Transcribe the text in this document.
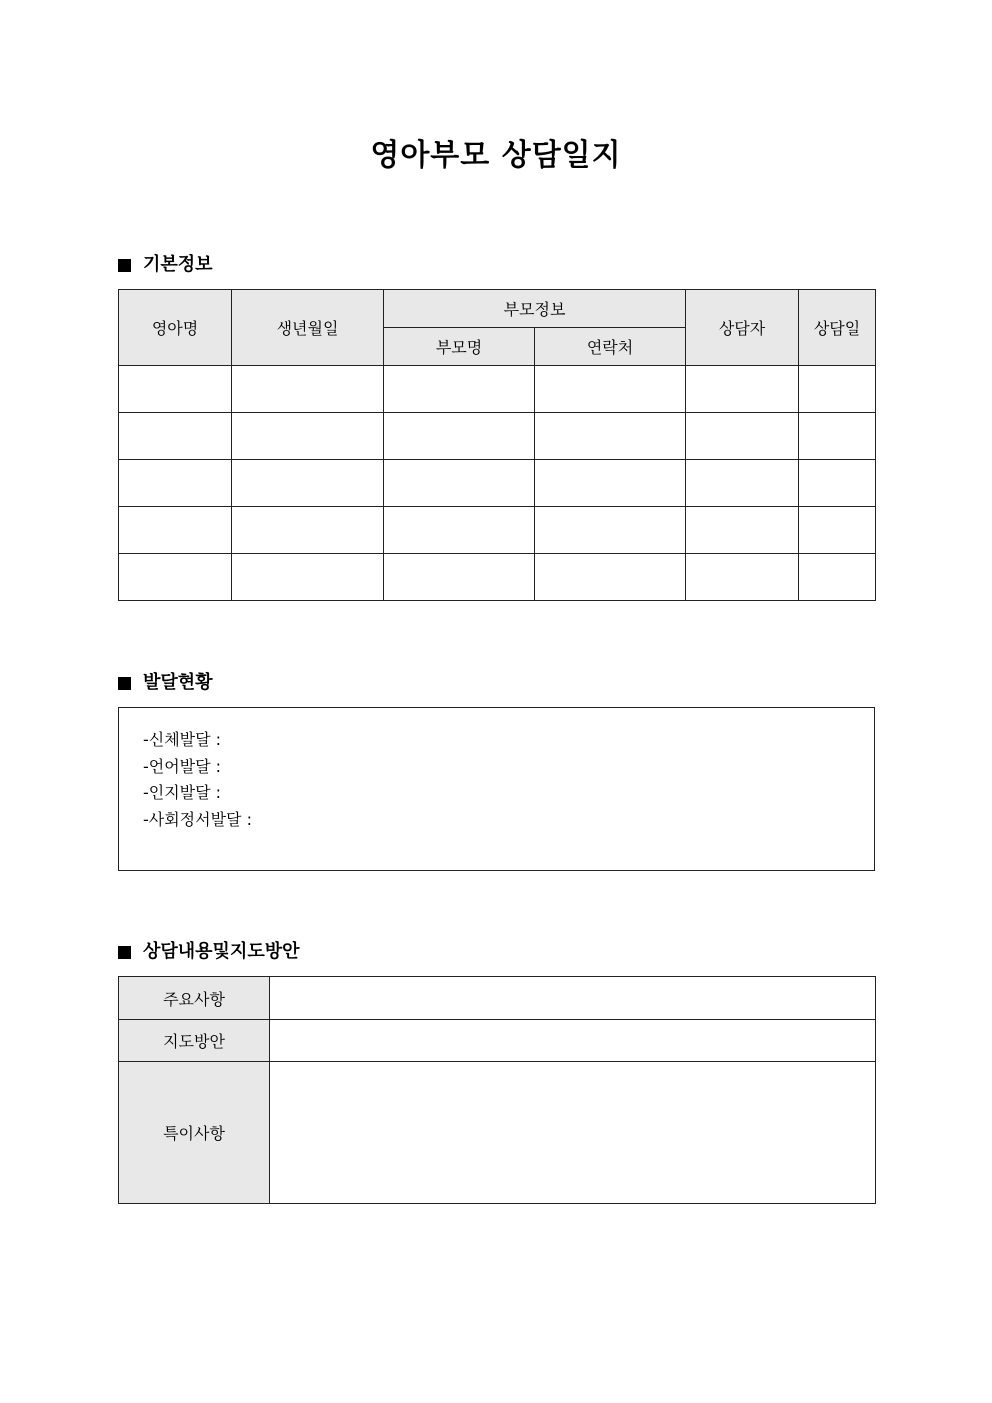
영아부모 상담일지
기본정보
영아명	생년월일	부모정보		상담자	상담일
		부모명	연락처		

발달현황
-신체발달 :
-언어발달 :
-인지발달 :
-사회정서발달 :
상담내용및지도방안
주요사항	
지도방안	
특이사항	
